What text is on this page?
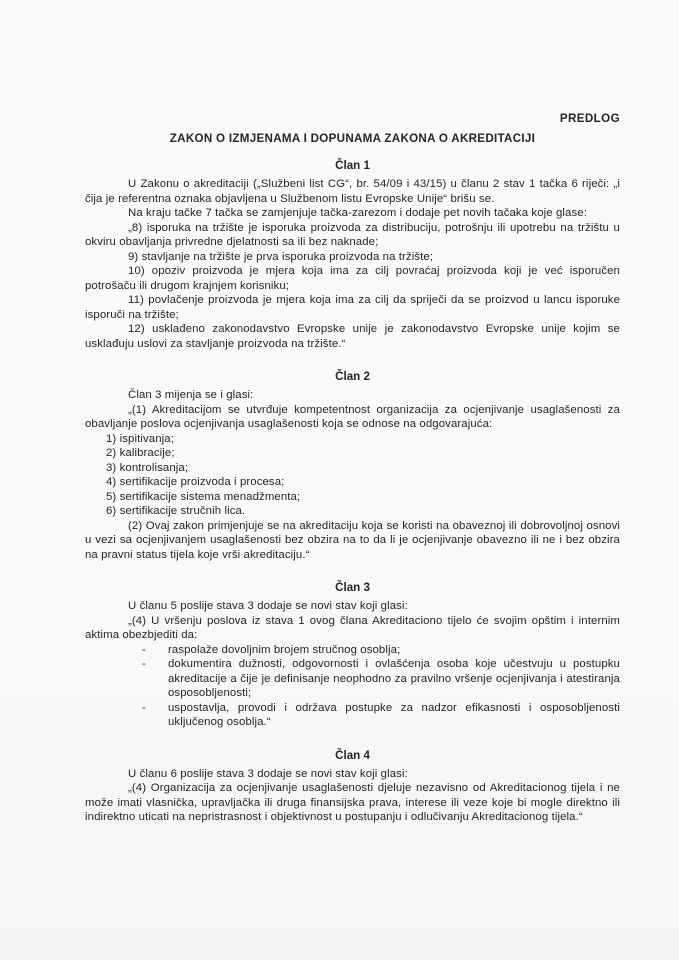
PREDLOG
ZAKON O IZMJENAMA I DOPUNAMA ZAKONA O AKREDITACIJI
Član 1

U Zakonu o akreditaciji („Službeni list CG“, br. 54/09 i 43/15) u članu 2 stav 1 tačka 6 riječi: „i čija je referentna oznaka objavljena u Službenom listu Evropske Unije“ brišu se.

Na kraju tačke 7 tačka se zamjenjuje tačka-zarezom i dodaje pet novih tačaka koje glase:

„8) isporuka na tržište je isporuka proizvoda za distribuciju, potrošnju ili upotrebu na tržištu u okviru obavljanja privredne djelatnosti sa ili bez naknade;

9) stavljanje na tržište je prva isporuka proizvoda na tržište;

10) opoziv proizvoda je mjera koja ima za cilj povraćaj proizvoda koji je već isporučen potrošaču ili drugom krajnjem korisniku;

11) povlačenje proizvoda je mjera koja ima za cilj da spriječi da se proizvod u lancu isporuke isporuči na tržište;

12) usklađeno zakonodavstvo Evropske unije je zakonodavstvo Evropske unije kojim se usklađuju uslovi za stavljanje proizvoda na tržište.“

Član 2

Član 3 mijenja se i glasi:

„(1) Akreditacijom se utvrđuje kompetentnost organizacija za ocjenjivanje usaglašenosti za obavljanje poslova ocjenjivanja usaglašenosti koja se odnose na odgovarajuća:

1) ispitivanja;

2) kalibracije;

3) kontrolisanja;

4) sertifikacije proizvoda i procesa;

5) sertifikacije sistema menadžmenta;

6) sertifikacije stručnih lica.

(2) Ovaj zakon primjenjuje se na akreditaciju koja se koristi na obaveznoj ili dobrovoljnoj osnovi u vezi sa ocjenjivanjem usaglašenosti bez obzira na to da li je ocjenjivanje obavezno ili ne i bez obzira na pravni status tijela koje vrši akreditaciju.“

Član 3

U članu 5 poslije stava 3 dodaje se novi stav koji glasi:

„(4) U vršenju poslova iz stava 1 ovog člana Akreditaciono tijelo će svojim opštim i internim aktima obezbjediti da:

-	raspolaže dovoljnim brojem stručnog osoblja;
-	dokumentira dužnosti, odgovornosti i ovlašćenja osoba koje učestvuju u postupku akreditacije a čije je definisanje neophodno za pravilno vršenje ocjenjivanja i atestiranja osposobljenosti;
-	uspostavlja, provodi i održava postupke za nadzor efikasnosti i osposobljenosti uključenog osoblja.“
Član 4

U članu 6 poslije stava 3 dodaje se novi stav koji glasi:

„(4) Organizacija za ocjenjivanje usaglašenosti djeluje nezavisno od Akreditacionog tijela i ne može imati vlasnička, upravljačka ili druga finansijska prava, interese ili veze koje bi mogle direktno ili indirektno uticati na nepristrasnost i objektivnost u postupanju i odlučivanju Akreditacionog tijela.“
